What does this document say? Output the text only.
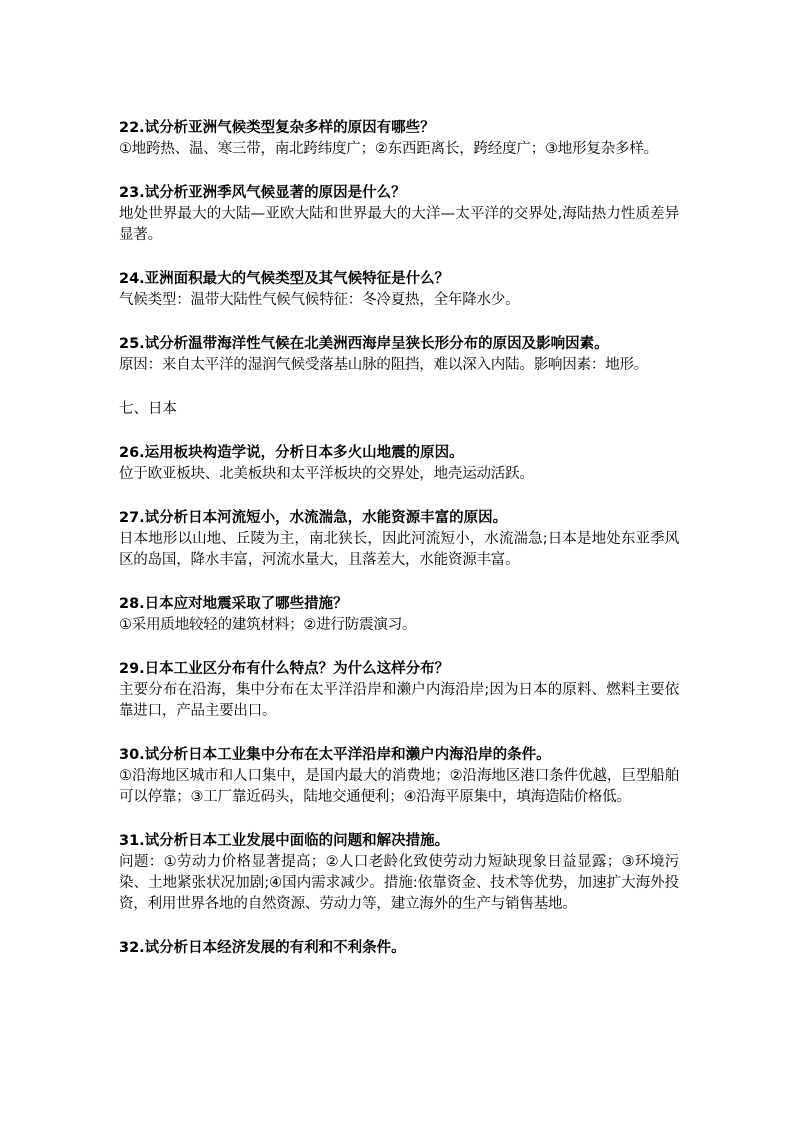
22.试分析亚洲气候类型复杂多样的原因有哪些？

①地跨热、温、寒三带，南北跨纬度广；②东西距离长，跨经度广；③地形复杂多样。

23.试分析亚洲季风气候显著的原因是什么？

地处世界最大的大陆—亚欧大陆和世界最大的大洋—太平洋的交界处,海陆热力性质差异显著。

24.亚洲面积最大的气候类型及其气候特征是什么？

气候类型：温带大陆性气候气候特征：冬冷夏热，全年降水少。

25.试分析温带海洋性气候在北美洲西海岸呈狭长形分布的原因及影响因素。

原因：来自太平洋的湿润气候受落基山脉的阻挡，难以深入内陆。影响因素：地形。

七、日本

26.运用板块构造学说，分析日本多火山地震的原因。

位于欧亚板块、北美板块和太平洋板块的交界处，地壳运动活跃。

27.试分析日本河流短小，水流湍急，水能资源丰富的原因。

日本地形以山地、丘陵为主，南北狭长，因此河流短小，水流湍急;日本是地处东亚季风区的岛国，降水丰富，河流水量大，且落差大，水能资源丰富。

28.日本应对地震采取了哪些措施？

①采用质地较轻的建筑材料；②进行防震演习。

29.日本工业区分布有什么特点？为什么这样分布？

主要分布在沿海，集中分布在太平洋沿岸和濑户内海沿岸;因为日本的原料、燃料主要依靠进口，产品主要出口。

30.试分析日本工业集中分布在太平洋沿岸和濑户内海沿岸的条件。

①沿海地区城市和人口集中，是国内最大的消费地；②沿海地区港口条件优越，巨型船舶可以停靠；③工厂靠近码头，陆地交通便利；④沿海平原集中，填海造陆价格低。

31.试分析日本工业发展中面临的问题和解决措施。

问题：①劳动力价格显著提高；②人口老龄化致使劳动力短缺现象日益显露；③环境污染、土地紧张状况加剧;④国内需求减少。措施:依靠资金、技术等优势，加速扩大海外投资，利用世界各地的自然资源、劳动力等，建立海外的生产与销售基地。

32.试分析日本经济发展的有利和不利条件。
